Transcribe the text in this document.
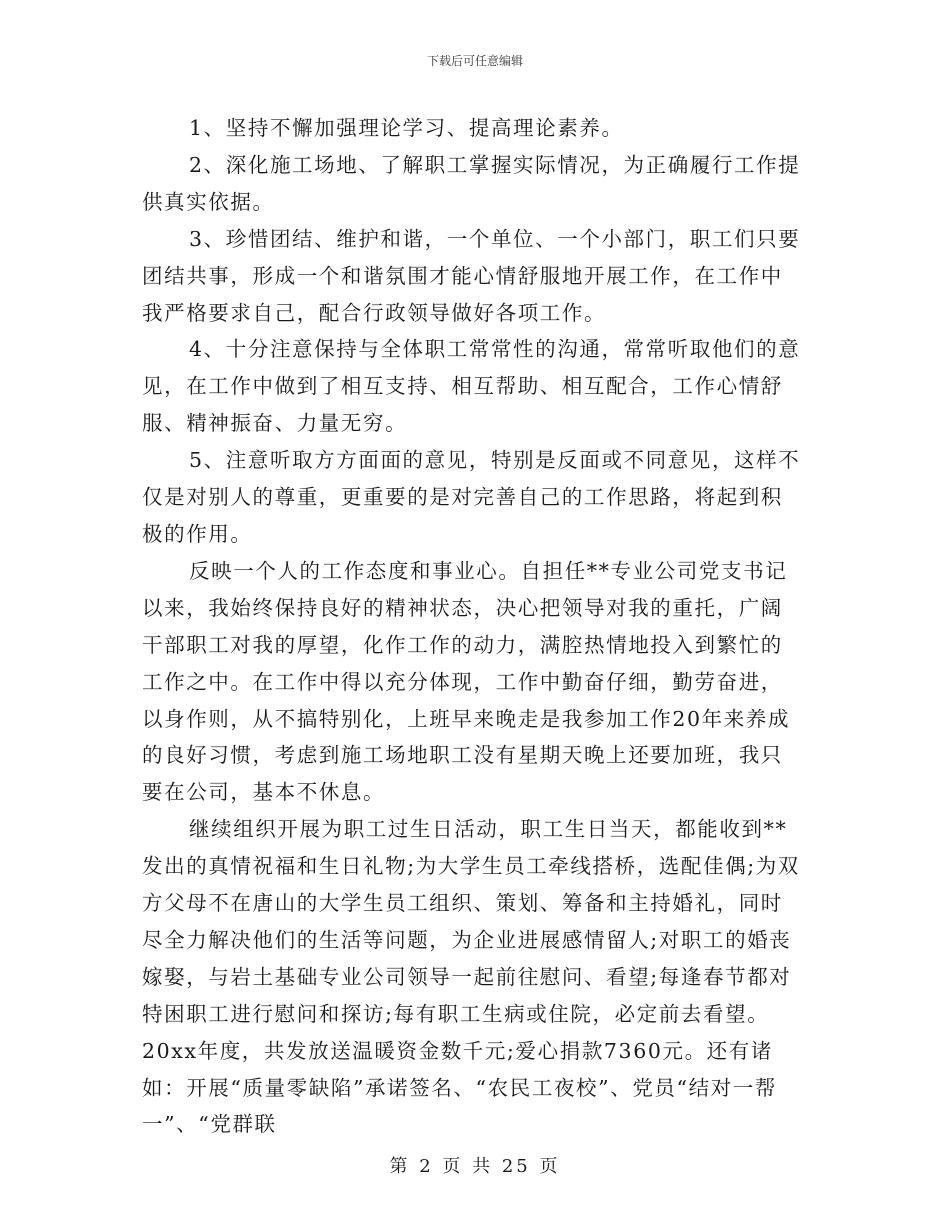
下载后可任意编辑

1、坚持不懈加强理论学习、提高理论素养。

2、深化施工场地、了解职工掌握实际情况，为正确履行工作提供真实依据。

3、珍惜团结、维护和谐，一个单位、一个小部门，职工们只要团结共事，形成一个和谐氛围才能心情舒服地开展工作，在工作中我严格要求自己，配合行政领导做好各项工作。

4、十分注意保持与全体职工常常性的沟通，常常听取他们的意见，在工作中做到了相互支持、相互帮助、相互配合，工作心情舒服、精神振奋、力量无穷。

5、注意听取方方面面的意见，特别是反面或不同意见，这样不仅是对别人的尊重，更重要的是对完善自己的工作思路，将起到积极的作用。

反映一个人的工作态度和事业心。自担任**专业公司党支书记以来，我始终保持良好的精神状态，决心把领导对我的重托，广阔干部职工对我的厚望，化作工作的动力，满腔热情地投入到繁忙的工作之中。在工作中得以充分体现，工作中勤奋仔细，勤劳奋进，以身作则，从不搞特别化，上班早来晚走是我参加工作20年来养成的良好习惯，考虑到施工场地职工没有星期天晚上还要加班，我只要在公司，基本不休息。

继续组织开展为职工过生日活动，职工生日当天，都能收到**发出的真情祝福和生日礼物;为大学生员工牵线搭桥，选配佳偶;为双方父母不在唐山的大学生员工组织、策划、筹备和主持婚礼，同时尽全力解决他们的生活等问题，为企业进展感情留人;对职工的婚丧嫁娶，与岩土基础专业公司领导一起前往慰问、看望;每逢春节都对特困职工进行慰问和探访;每有职工生病或住院，必定前去看望。20xx年度，共发放送温暖资金数千元;爱心捐款7360元。还有诸如：开展“质量零缺陷”承诺签名、“农民工夜校”、党员“结对一帮一”、“党群联

第 2 页 共 25 页
